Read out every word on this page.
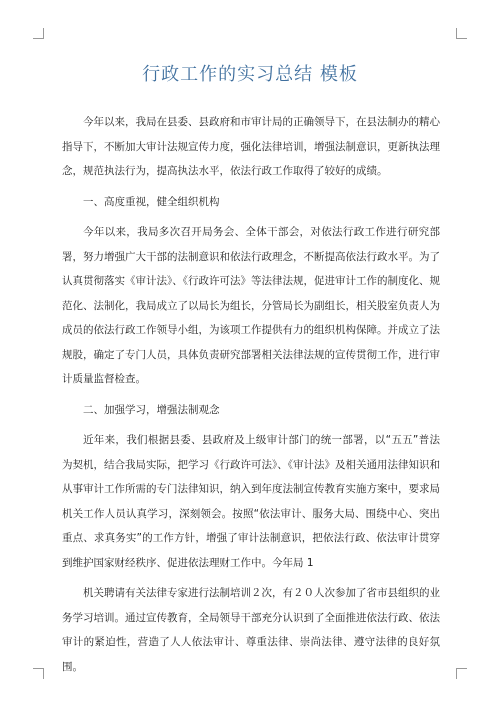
行政工作的实习总结 模板

今年以来，我局在县委、县政府和市审计局的正确领导下，在县法制办的精心指导下，不断加大审计法规宣传力度，强化法律培训，增强法制意识，更新执法理念，规范执法行为，提高执法水平，依法行政工作取得了较好的成绩。

一、高度重视，健全组织机构

今年以来，我局多次召开局务会、全体干部会，对依法行政工作进行研究部署，努力增强广大干部的法制意识和依法行政理念，不断提高依法行政水平。为了认真贯彻落实《审计法》、《行政许可法》等法律法规，促进审计工作的制度化、规范化、法制化，我局成立了以局长为组长，分管局长为副组长，相关股室负责人为成员的依法行政工作领导小组，为该项工作提供有力的组织机构保障。并成立了法规股，确定了专门人员，具体负责研究部署相关法律法规的宣传贯彻工作，进行审计质量监督检查。

二、加强学习，增强法制观念

近年来，我们根据县委、县政府及上级审计部门的统一部署，以“五五”普法为契机，结合我局实际，把学习《行政许可法》、《审计法》及相关通用法律知识和从事审计工作所需的专门法律知识，纳入到年度法制宣传教育实施方案中，要求局机关工作人员认真学习，深刻领会。按照“依法审计、服务大局、围绕中心、突出重点、求真务实”的工作方针，增强了审计法制意识，把依法行政、依法审计贯穿到维护国家财经秩序、促进依法理财工作中。今年局 1

机关聘请有关法律专家进行法制培训２次，有２０人次参加了省市县组织的业务学习培训。通过宣传教育，全局领导干部充分认识到了全面推进依法行政、依法审计的紧迫性，营造了人人依法审计、尊重法律、崇尚法律、遵守法律的良好氛围。
